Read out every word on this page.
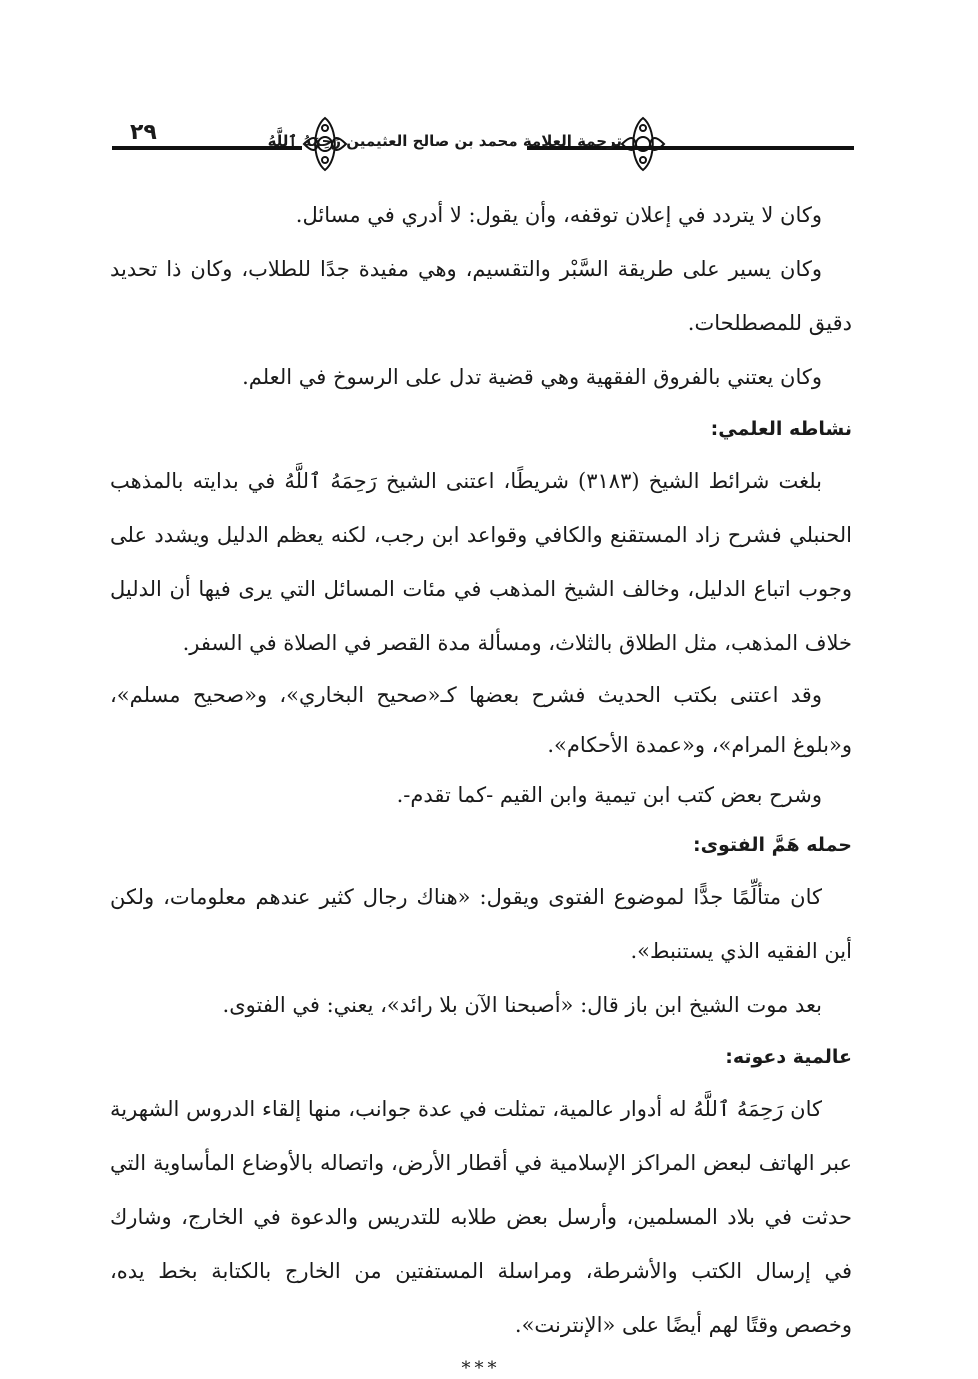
٢٩	ترجمة العلامة محمد بن صالح العثيمين رَحِمَهُ ٱللَّهُ

وكان لا يتردد في إعلان توقفه، وأن يقول: لا أدري في مسائل.

وكان يسير على طريقة السَّبْر والتقسيم، وهي مفيدة جدًا للطلاب، وكان ذا تحديد دقيق للمصطلحات.

وكان يعتني بالفروق الفقهية وهي قضية تدل على الرسوخ في العلم.

نشاطه العلمي:

بلغت شرائط الشيخ (٣١٨٣) شريطًا، اعتنى الشيخ رَحِمَهُ ٱللَّهُ في بدايته بالمذهب الحنبلي فشرح زاد المستقنع والكافي وقواعد ابن رجب، لكنه يعظم الدليل ويشدد على وجوب اتباع الدليل، وخالف الشيخ المذهب في مئات المسائل التي يرى فيها أن الدليل خلاف المذهب، مثل الطلاق بالثلاث، ومسألة مدة القصر في الصلاة في السفر.

وقد اعتنى بكتب الحديث فشرح بعضها كـ«صحيح البخاري»، و«صحيح مسلم»، و«بلوغ المرام»، و«عمدة الأحكام».

وشرح بعض كتب ابن تيمية وابن القيم -كما تقدم-.

حمله هَمَّ الفتوى:

كان متألِّمًا جدًّا لموضوع الفتوى ويقول: «هناك رجال كثير عندهم معلومات، ولكن أين الفقيه الذي يستنبط».

بعد موت الشيخ ابن باز قال: «أصبحنا الآن بلا رائد»، يعني: في الفتوى.

عالمية دعوته:

كان رَحِمَهُ ٱللَّهُ له أدوار عالمية، تمثلت في عدة جوانب، منها إلقاء الدروس الشهرية عبر الهاتف لبعض المراكز الإسلامية في أقطار الأرض، واتصاله بالأوضاع المأساوية التي حدثت في بلاد المسلمين، وأرسل بعض طلابه للتدريس والدعوة في الخارج، وشارك في إرسال الكتب والأشرطة، ومراسلة المستفتين من الخارج بالكتابة بخط يده، وخصص وقتًا لهم أيضًا على «الإنترنت».

***
